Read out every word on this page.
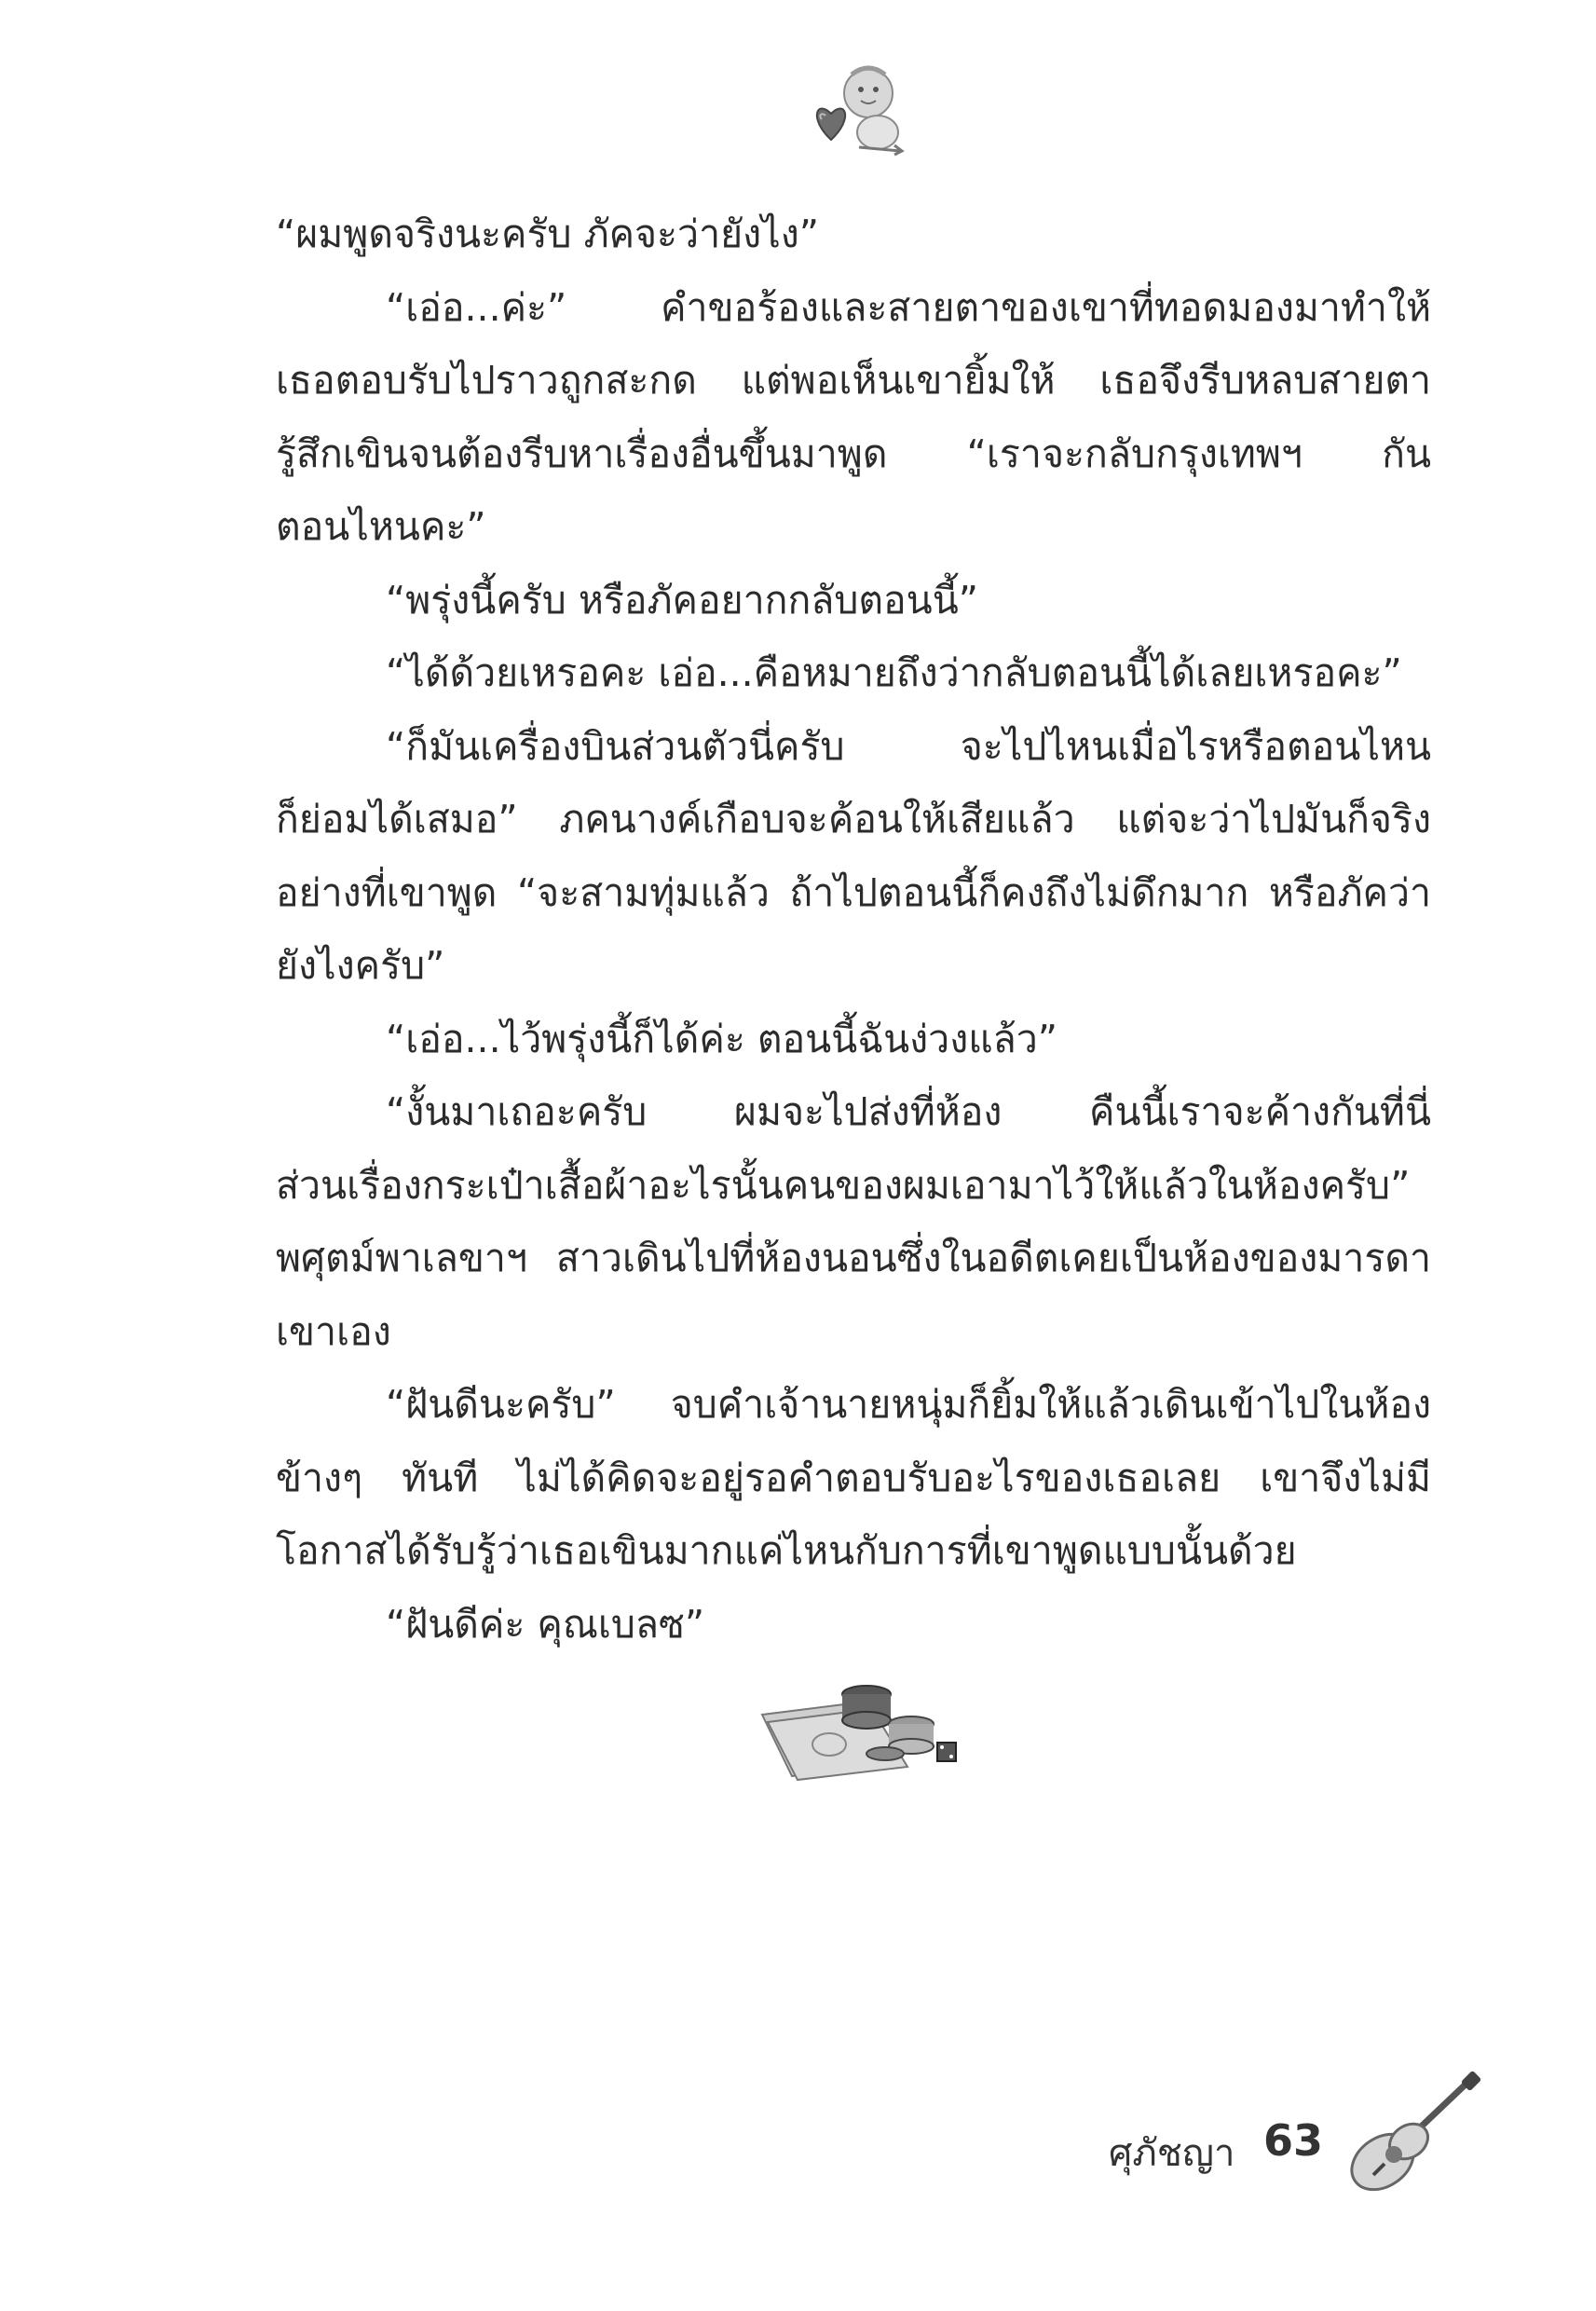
“ผมพูดจริงนะครับ ภัคจะว่ายังไง”
“เอ่อ...ค่ะ” คำขอร้องและสายตาของเขาที่ทอดมองมาทำให้
เธอตอบรับไปราวถูกสะกด แต่พอเห็นเขายิ้มให้ เธอจึงรีบหลบสายตา
รู้สึกเขินจนต้องรีบหาเรื่องอื่นขึ้นมาพูด “เราจะกลับกรุงเทพฯ กัน
ตอนไหนคะ”
“พรุ่งนี้ครับ หรือภัคอยากกลับตอนนี้”
“ได้ด้วยเหรอคะ เอ่อ...คือหมายถึงว่ากลับตอนนี้ได้เลยเหรอคะ”
“ก็มันเครื่องบินส่วนตัวนี่ครับ จะไปไหนเมื่อไรหรือตอนไหน
ก็ย่อมได้เสมอ” ภคนางค์เกือบจะค้อนให้เสียแล้ว แต่จะว่าไปมันก็จริง
อย่างที่เขาพูด “จะสามทุ่มแล้ว ถ้าไปตอนนี้ก็คงถึงไม่ดึกมาก หรือภัคว่า
ยังไงครับ”
“เอ่อ...ไว้พรุ่งนี้ก็ได้ค่ะ ตอนนี้ฉันง่วงแล้ว”
“งั้นมาเถอะครับ ผมจะไปส่งที่ห้อง คืนนี้เราจะค้างกันที่นี่
ส่วนเรื่องกระเป๋าเสื้อผ้าอะไรนั้นคนของผมเอามาไว้ให้แล้วในห้องครับ”
พศุตม์พาเลขาฯ สาวเดินไปที่ห้องนอนซึ่งในอดีตเคยเป็นห้องของมารดา
เขาเอง
“ฝันดีนะครับ” จบคำเจ้านายหนุ่มก็ยิ้มให้แล้วเดินเข้าไปในห้อง
ข้างๆ ทันที ไม่ได้คิดจะอยู่รอคำตอบรับอะไรของเธอเลย เขาจึงไม่มี
โอกาสได้รับรู้ว่าเธอเขินมากแค่ไหนกับการที่เขาพูดแบบนั้นด้วย
“ฝันดีค่ะ คุณเบลซ”
ศุภัชญา 63
